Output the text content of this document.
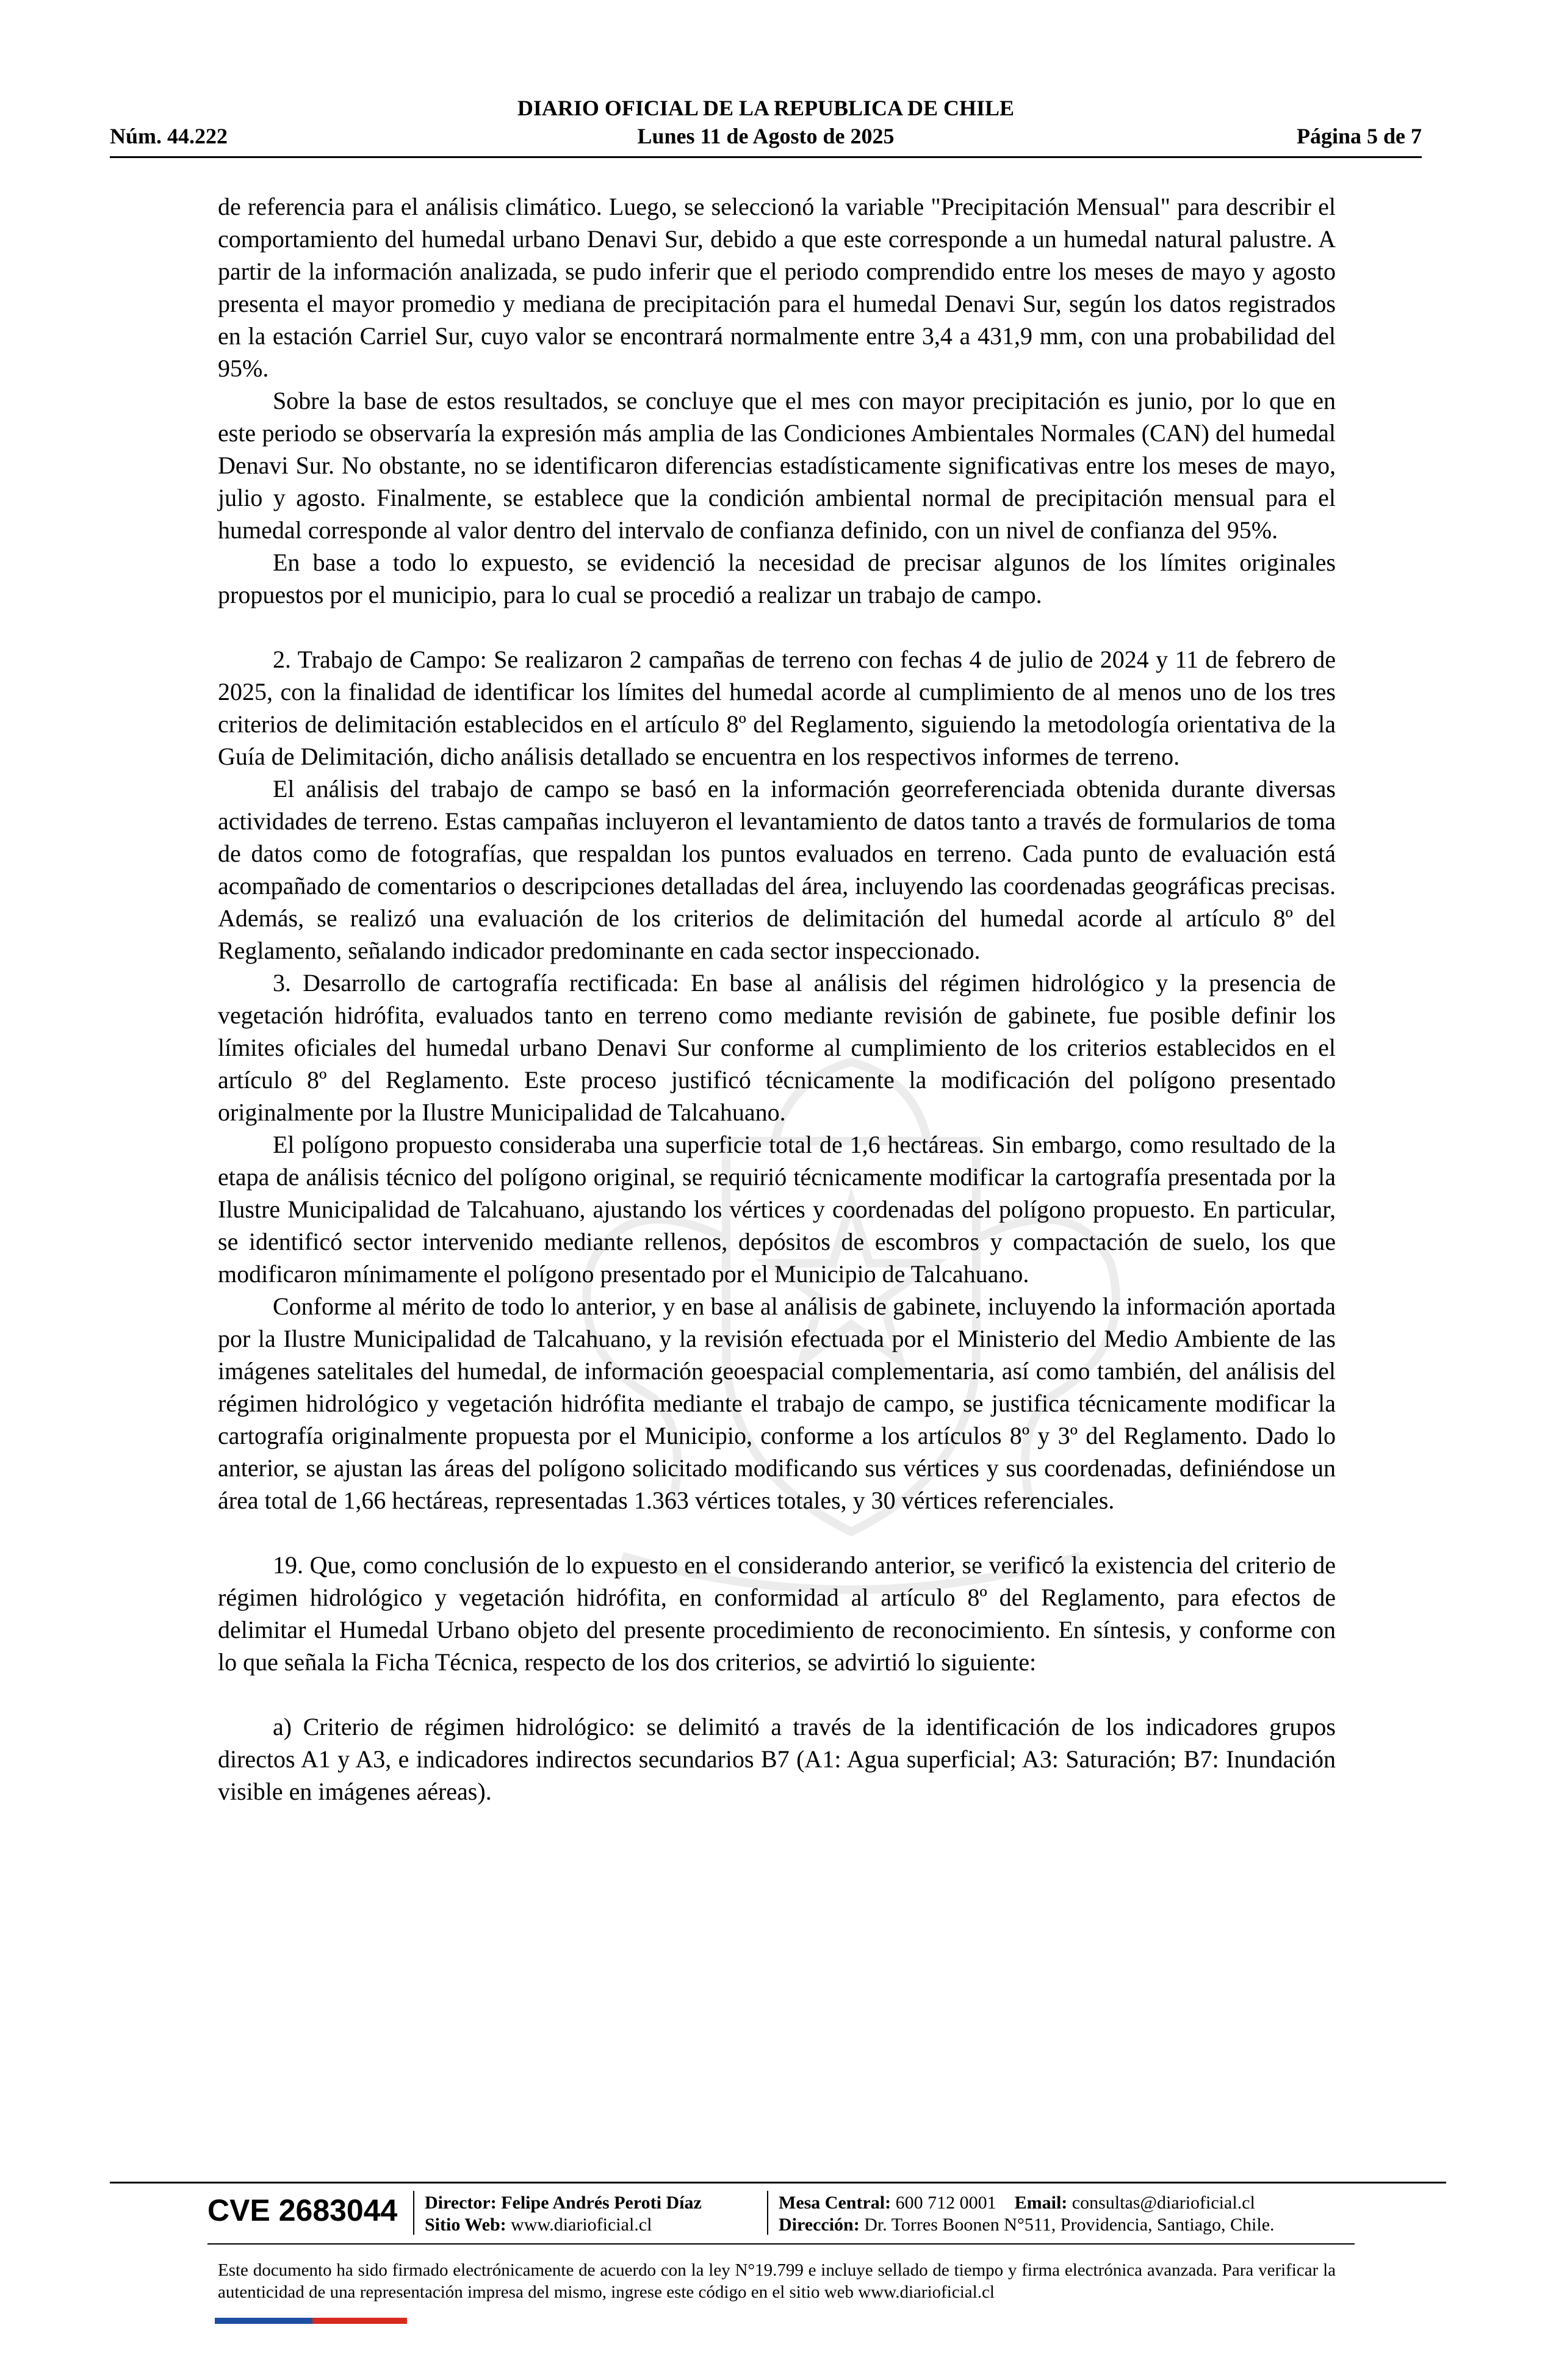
DIARIO OFICIAL DE LA REPUBLICA DE CHILE
Núm. 44.222	Lunes 11 de Agosto de 2025	Página 5 de 7

de referencia para el análisis climático. Luego, se seleccionó la variable "Precipitación Mensual" para describir el comportamiento del humedal urbano Denavi Sur, debido a que este corresponde a un humedal natural palustre. A partir de la información analizada, se pudo inferir que el periodo comprendido entre los meses de mayo y agosto presenta el mayor promedio y mediana de precipitación para el humedal Denavi Sur, según los datos registrados en la estación Carriel Sur, cuyo valor se encontrará normalmente entre 3,4 a 431,9 mm, con una probabilidad del 95%.

Sobre la base de estos resultados, se concluye que el mes con mayor precipitación es junio, por lo que en este periodo se observaría la expresión más amplia de las Condiciones Ambientales Normales (CAN) del humedal Denavi Sur. No obstante, no se identificaron diferencias estadísticamente significativas entre los meses de mayo, julio y agosto. Finalmente, se establece que la condición ambiental normal de precipitación mensual para el humedal corresponde al valor dentro del intervalo de confianza definido, con un nivel de confianza del 95%.

En base a todo lo expuesto, se evidenció la necesidad de precisar algunos de los límites originales propuestos por el municipio, para lo cual se procedió a realizar un trabajo de campo.

2. Trabajo de Campo: Se realizaron 2 campañas de terreno con fechas 4 de julio de 2024 y 11 de febrero de 2025, con la finalidad de identificar los límites del humedal acorde al cumplimiento de al menos uno de los tres criterios de delimitación establecidos en el artículo 8º del Reglamento, siguiendo la metodología orientativa de la Guía de Delimitación, dicho análisis detallado se encuentra en los respectivos informes de terreno.

El análisis del trabajo de campo se basó en la información georreferenciada obtenida durante diversas actividades de terreno. Estas campañas incluyeron el levantamiento de datos tanto a través de formularios de toma de datos como de fotografías, que respaldan los puntos evaluados en terreno. Cada punto de evaluación está acompañado de comentarios o descripciones detalladas del área, incluyendo las coordenadas geográficas precisas. Además, se realizó una evaluación de los criterios de delimitación del humedal acorde al artículo 8º del Reglamento, señalando indicador predominante en cada sector inspeccionado.

3. Desarrollo de cartografía rectificada: En base al análisis del régimen hidrológico y la presencia de vegetación hidrófita, evaluados tanto en terreno como mediante revisión de gabinete, fue posible definir los límites oficiales del humedal urbano Denavi Sur conforme al cumplimiento de los criterios establecidos en el artículo 8º del Reglamento. Este proceso justificó técnicamente la modificación del polígono presentado originalmente por la Ilustre Municipalidad de Talcahuano.

El polígono propuesto consideraba una superficie total de 1,6 hectáreas. Sin embargo, como resultado de la etapa de análisis técnico del polígono original, se requirió técnicamente modificar la cartografía presentada por la Ilustre Municipalidad de Talcahuano, ajustando los vértices y coordenadas del polígono propuesto. En particular, se identificó sector intervenido mediante rellenos, depósitos de escombros y compactación de suelo, los que modificaron mínimamente el polígono presentado por el Municipio de Talcahuano.

Conforme al mérito de todo lo anterior, y en base al análisis de gabinete, incluyendo la información aportada por la Ilustre Municipalidad de Talcahuano, y la revisión efectuada por el Ministerio del Medio Ambiente de las imágenes satelitales del humedal, de información geoespacial complementaria, así como también, del análisis del régimen hidrológico y vegetación hidrófita mediante el trabajo de campo, se justifica técnicamente modificar la cartografía originalmente propuesta por el Municipio, conforme a los artículos 8º y 3º del Reglamento. Dado lo anterior, se ajustan las áreas del polígono solicitado modificando sus vértices y sus coordenadas, definiéndose un área total de 1,66 hectáreas, representadas 1.363 vértices totales, y 30 vértices referenciales.

19. Que, como conclusión de lo expuesto en el considerando anterior, se verificó la existencia del criterio de régimen hidrológico y vegetación hidrófita, en conformidad al artículo 8º del Reglamento, para efectos de delimitar el Humedal Urbano objeto del presente procedimiento de reconocimiento. En síntesis, y conforme con lo que señala la Ficha Técnica, respecto de los dos criterios, se advirtió lo siguiente:

a) Criterio de régimen hidrológico: se delimitó a través de la identificación de los indicadores grupos directos A1 y A3, e indicadores indirectos secundarios B7 (A1: Agua superficial; A3: Saturación; B7: Inundación visible en imágenes aéreas).

CVE 2683044 Director: Felipe Andrés Peroti Díaz
Sitio Web: www.diarioficial.cl
Mesa Central: 600 712 0001 Email: consultas@diarioficial.cl
Dirección: Dr. Torres Boonen N°511, Providencia, Santiago, Chile.
Este documento ha sido firmado electrónicamente de acuerdo con la ley N°19.799 e incluye sellado de tiempo y firma electrónica avanzada. Para verificar la autenticidad de una representación impresa del mismo, ingrese este código en el sitio web www.diarioficial.cl
